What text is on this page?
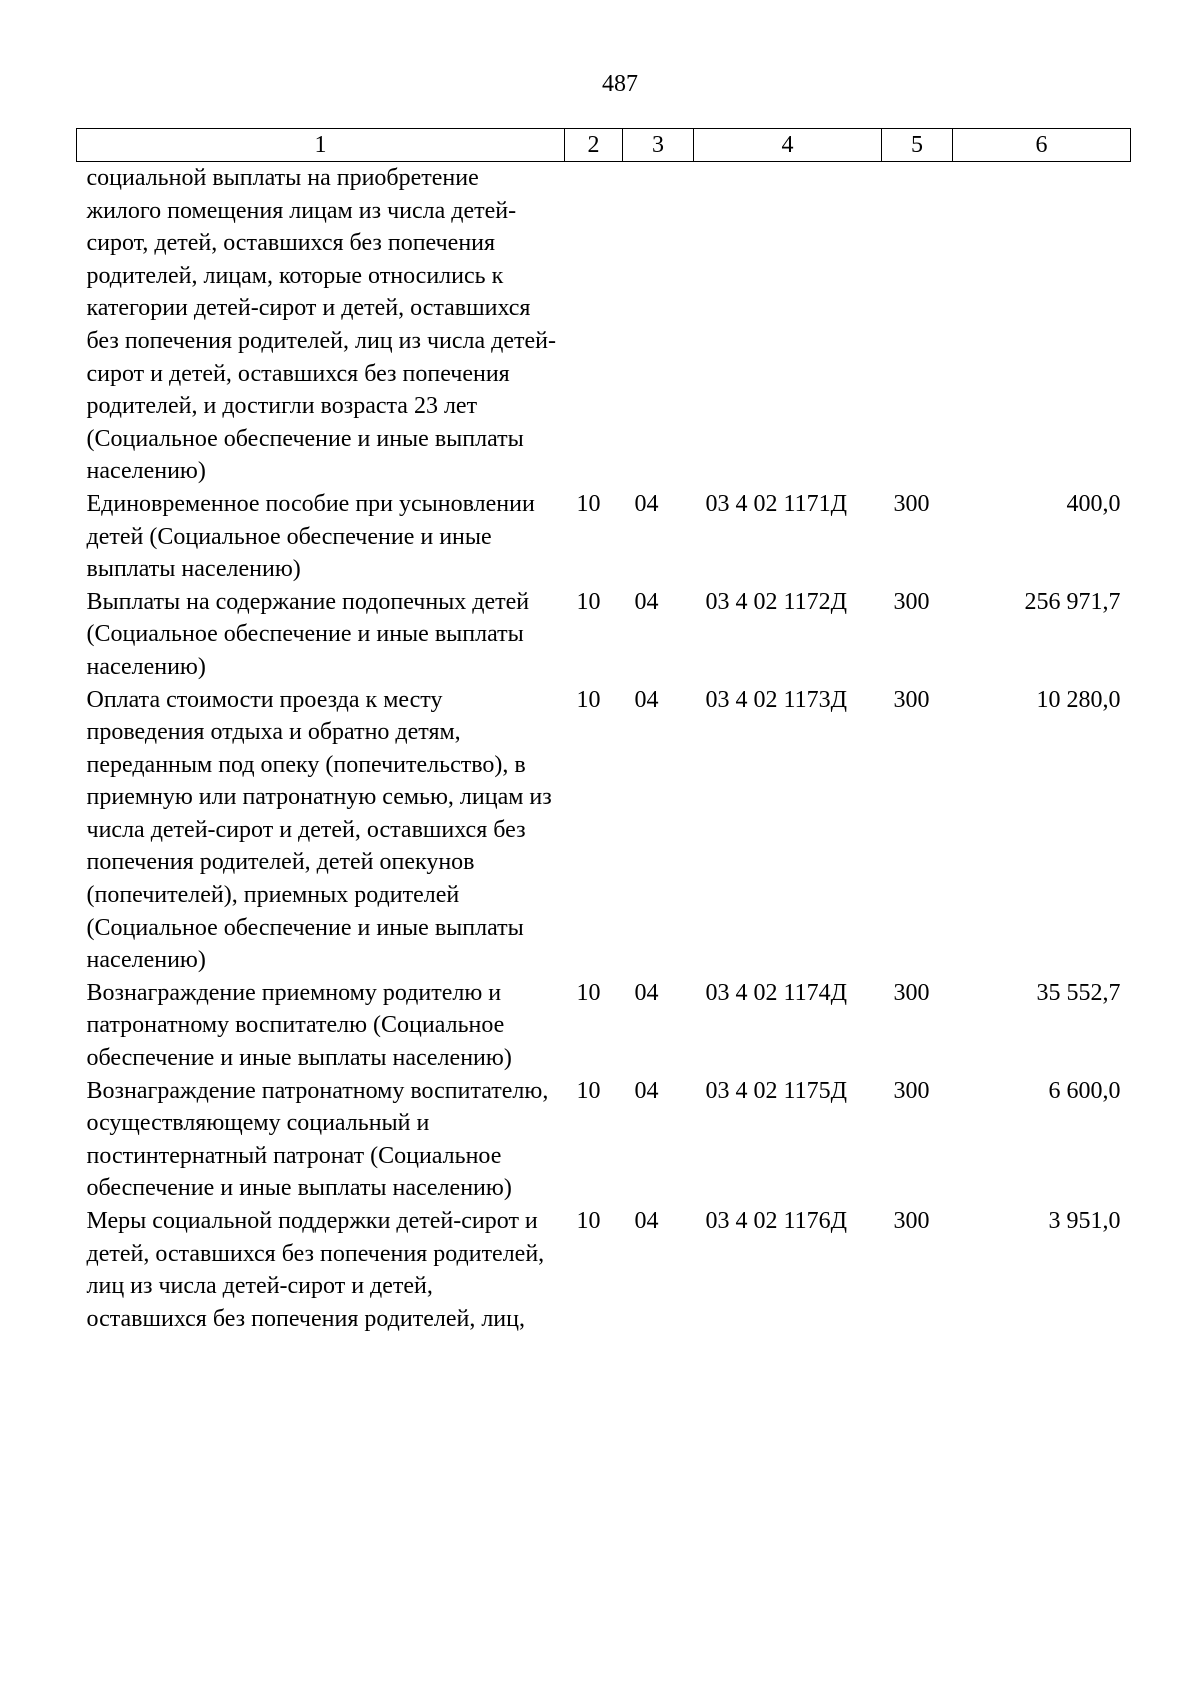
487
1	2	3	4	5	6
социальной выплаты на приобретение жилого помещения лицам из числа детей-сирот, детей, оставшихся без попечения родителей, лицам, которые относились к категории детей-сирот и детей, оставшихся без попечения родителей, лиц из числа детей-сирот и детей, оставшихся без попечения родителей, и достигли возраста 23 лет (Социальное обеспечение и иные выплаты населению)					
Единовременное пособие при усыновлении детей (Социальное обеспечение и иные выплаты населению)	10	04	03 4 02 1171Д	300	400,0
Выплаты на содержание подопечных детей (Социальное обеспечение и иные выплаты населению)	10	04	03 4 02 1172Д	300	256 971,7
Оплата стоимости проезда к месту проведения отдыха и обратно детям, переданным под опеку (попечительство), в приемную или патронатную семью, лицам из числа детей-сирот и детей, оставшихся без попечения родителей, детей опекунов (попечителей), приемных родителей (Социальное обеспечение и иные выплаты населению)	10	04	03 4 02 1173Д	300	10 280,0
Вознаграждение приемному родителю и патронатному воспитателю (Социальное обеспечение и иные выплаты населению)	10	04	03 4 02 1174Д	300	35 552,7
Вознаграждение патронатному воспитателю, осуществляющему социальный и постинтернатный патронат (Социальное обеспечение и иные выплаты населению)	10	04	03 4 02 1175Д	300	6 600,0
Меры социальной поддержки детей-сирот и детей, оставшихся без попечения родителей, лиц из числа детей-сирот и детей, оставшихся без попечения родителей, лиц,	10	04	03 4 02 1176Д	300	3 951,0
